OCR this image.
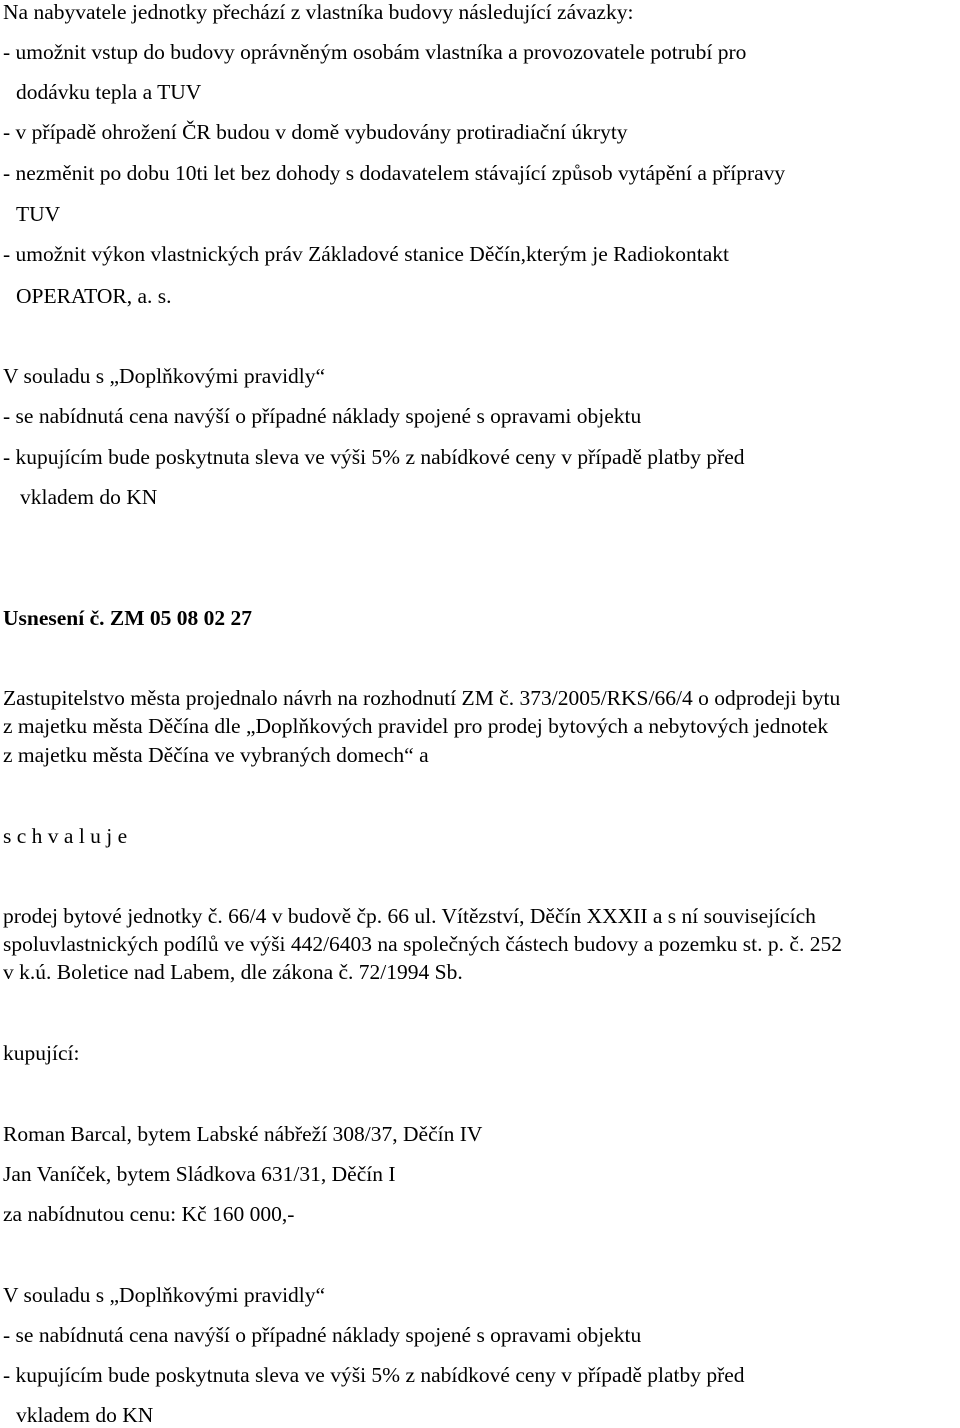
Na nabyvatele jednotky přechází z vlastníka budovy následující závazky:
- umožnit vstup do budovy oprávněným osobám vlastníka a provozovatele potrubí pro
dodávku tepla a TUV
- v případě ohrožení ČR budou v domě vybudovány protiradiační úkryty
- nezměnit po dobu 10ti let bez dohody s dodavatelem stávající způsob vytápění a přípravy
TUV
- umožnit výkon vlastnických práv Základové stanice Děčín,kterým je Radiokontakt
OPERATOR, a. s.
V souladu s „Doplňkovými pravidly“
- se nabídnutá cena navýší o případné náklady spojené s opravami objektu
- kupujícím bude poskytnuta sleva ve výši 5% z nabídkové ceny v případě platby před
vkladem do KN
Usnesení č. ZM 05 08 02 27
Zastupitelstvo města projednalo návrh na rozhodnutí ZM č. 373/2005/RKS/66/4 o odprodeji bytu
z majetku města Děčína dle „Doplňkových pravidel pro prodej bytových a nebytových jednotek
z majetku města Děčína ve vybraných domech“ a
s c h v a l u j e
prodej bytové jednotky č. 66/4 v budově čp. 66 ul. Vítězství, Děčín XXXII a s ní souvisejících
spoluvlastnických podílů ve výši 442/6403 na společných částech budovy a pozemku st. p. č. 252
v k.ú. Boletice nad Labem, dle zákona č. 72/1994 Sb.
kupující:
Roman Barcal, bytem Labské nábřeží 308/37, Děčín IV
Jan Vaníček, bytem Sládkova 631/31, Děčín I
za nabídnutou cenu: Kč 160 000,-
V souladu s „Doplňkovými pravidly“
- se nabídnutá cena navýší o případné náklady spojené s opravami objektu
- kupujícím bude poskytnuta sleva ve výši 5% z nabídkové ceny v případě platby před
vkladem do KN
